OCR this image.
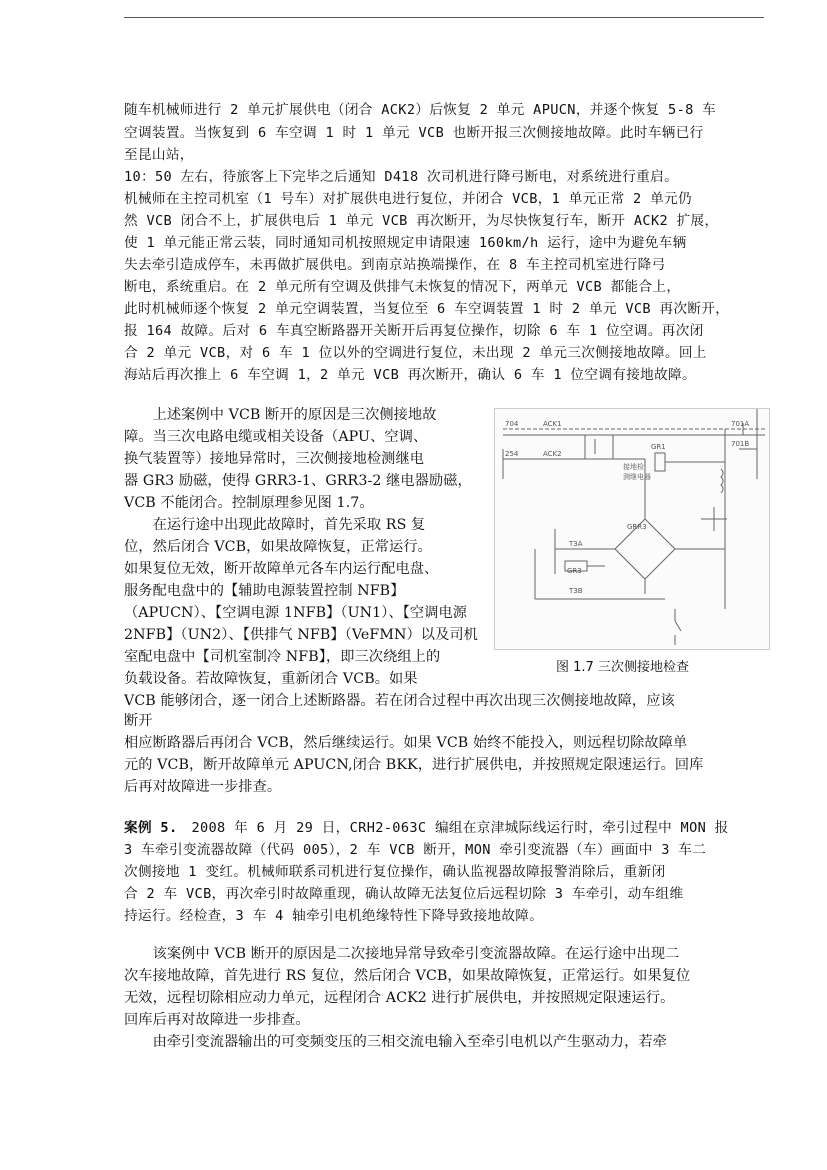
随车机械师进行 2 单元扩展供电（闭合 ACK2）后恢复 2 单元 APUCN，并逐个恢复 5-8 车
空调装置。当恢复到 6 车空调 1 时 1 单元 VCB 也断开报三次侧接地故障。此时车辆已行
至昆山站，
10：50 左右，待旅客上下完毕之后通知 D418 次司机进行降弓断电，对系统进行重启。
机械师在主控司机室（1 号车）对扩展供电进行复位，并闭合 VCB，1 单元正常 2 单元仍
然 VCB 闭合不上，扩展供电后 1 单元 VCB 再次断开，为尽快恢复行车，断开 ACK2 扩展，
使 1 单元能正常云装，同时通知司机按照规定申请限速 160km/h 运行，途中为避免车辆
失去牵引造成停车，未再做扩展供电。到南京站换端操作，在 8 车主控司机室进行降弓
断电，系统重启。在 2 单元所有空调及供排气未恢复的情况下，两单元 VCB 都能合上，
此时机械师逐个恢复 2 单元空调装置，当复位至 6 车空调装置 1 时 2 单元 VCB 再次断开，
报 164 故障。后对 6 车真空断路器开关断开后再复位操作，切除 6 车 1 位空调。再次闭
合 2 单元 VCB，对 6 车 1 位以外的空调进行复位，未出现 2 单元三次侧接地故障。回上
海站后再次推上 6 车空调 1，2 单元 VCB 再次断开，确认 6 车 1 位空调有接地故障。
　　上述案例中 VCB 断开的原因是三次侧接地故
障。当三次电路电缆或相关设备（APU、空调、
换气装置等）接地异常时，三次侧接地检测继电
器 GR3 励磁，使得 GRR3-1、GRR3-2 继电器励磁，
VCB 不能闭合。控制原理参见图 1.7。
　　在运行途中出现此故障时，首先采取 RS 复
位，然后闭合 VCB，如果故障恢复，正常运行。
如果复位无效，断开故障单元各车内运行配电盘、
服务配电盘中的【辅助电源装置控制 NFB】
（APUCN）、【空调电源 1NFB】（UN1）、【空调电源
2NFB】（UN2）、【供排气 NFB】（VeFMN）以及司机
室配电盘中【司机室制冷 NFB】，即三次绕组上的
负载设备。若故障恢复，重新闭合 VCB。如果
VCB 能够闭合，逐一闭合上述断路器。若在闭合过程中再次出现三次侧接地故障，应该
断开
相应断路器后再闭合 VCB，然后继续运行。如果 VCB 始终不能投入，则远程切除故障单
元的 VCB，断开故障单元 APUCN,闭合 BKK，进行扩展供电，并按照规定限速运行。回库
后再对故障进一步排查。
704
254
ACK1
ACK2
GR1
701A
701B
GR3
GRR3
T3A
T3B
接地检
测继电器
图 1.7 三次侧接地检查
案例 5.　2008 年 6 月 29 日，CRH2-063C 编组在京津城际线运行时，牵引过程中 MON 报
3 车牵引变流器故障（代码 005），2 车 VCB 断开，MON 牵引变流器（车）画面中 3 车二
次侧接地 1 变红。机械师联系司机进行复位操作，确认监视器故障报警消除后，重新闭
合 2 车 VCB，再次牵引时故障重现，确认故障无法复位后远程切除 3 车牵引，动车组维
持运行。经检查，3 车 4 轴牵引电机绝缘特性下降导致接地故障。
　　该案例中 VCB 断开的原因是二次接地异常导致牵引变流器故障。在运行途中出现二
次车接地故障，首先进行 RS 复位，然后闭合 VCB，如果故障恢复，正常运行。如果复位
无效，远程切除相应动力单元，远程闭合 ACK2 进行扩展供电，并按照规定限速运行。
回库后再对故障进一步排查。
　　由牵引变流器输出的可变频变压的三相交流电输入至牵引电机以产生驱动力，若牵
